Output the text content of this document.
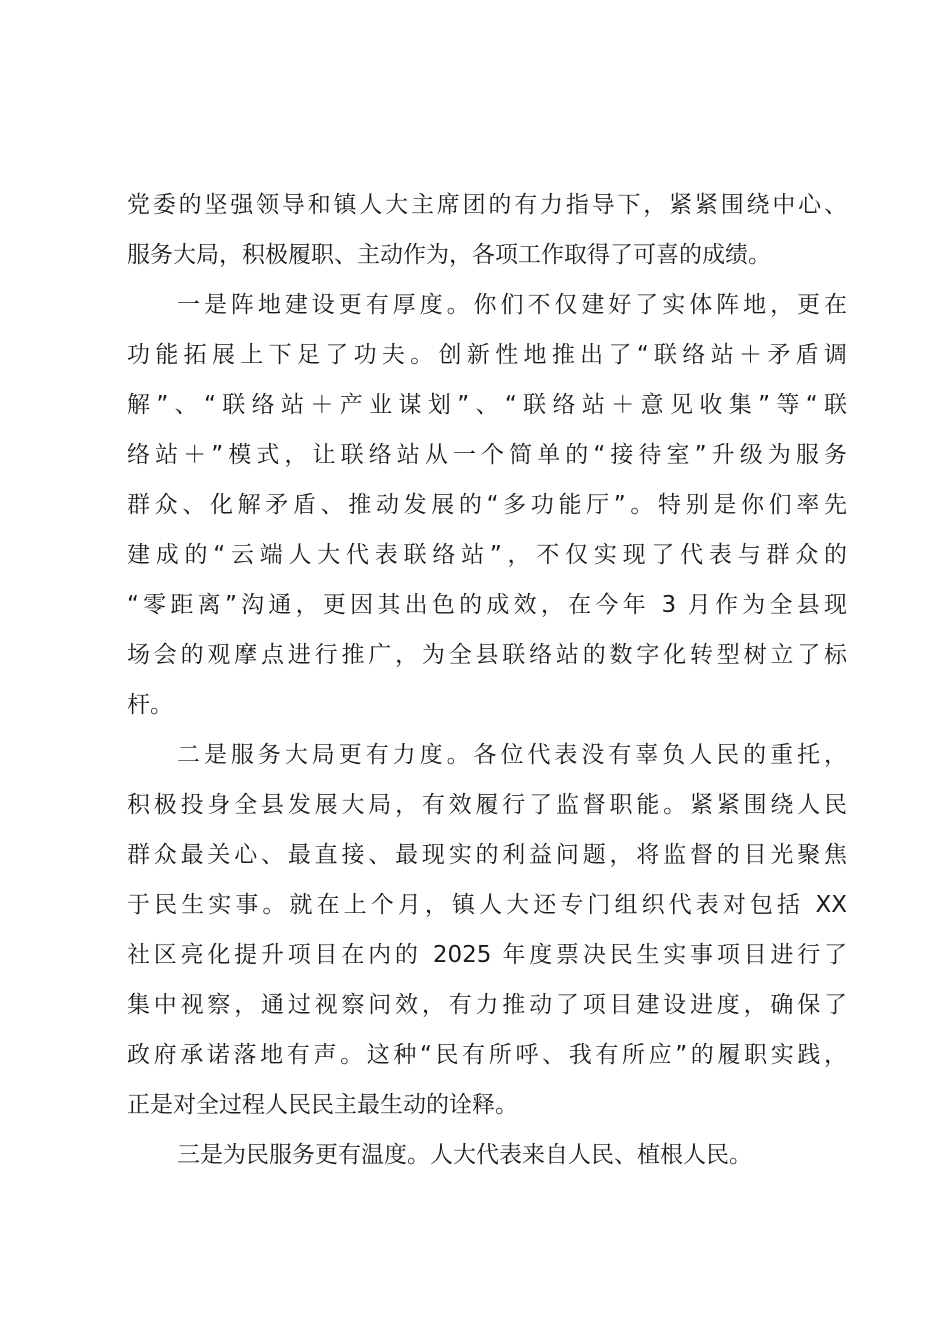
党委的坚强领导和镇人大主席团的有力指导下，紧紧围绕中心、
服务大局，积极履职、主动作为，各项工作取得了可喜的成绩。
一是阵地建设更有厚度。你们不仅建好了实体阵地，更在
功能拓展上下足了功夫。创新性地推出了“联络站＋矛盾调
解”、“联络站＋产业谋划”、“联络站＋意见收集”等“联
络站＋”模式，让联络站从一个简单的“接待室”升级为服务
群众、化解矛盾、推动发展的“多功能厅”。特别是你们率先
建成的“云端人大代表联络站”，不仅实现了代表与群众的
“零距离”沟通，更因其出色的成效，在今年 3 月作为全县现
场会的观摩点进行推广，为全县联络站的数字化转型树立了标
杆。
二是服务大局更有力度。各位代表没有辜负人民的重托，
积极投身全县发展大局，有效履行了监督职能。紧紧围绕人民
群众最关心、最直接、最现实的利益问题，将监督的目光聚焦
于民生实事。就在上个月，镇人大还专门组织代表对包括 XX
社区亮化提升项目在内的 2025 年度票决民生实事项目进行了
集中视察，通过视察问效，有力推动了项目建设进度，确保了
政府承诺落地有声。这种“民有所呼、我有所应”的履职实践，
正是对全过程人民民主最生动的诠释。
三是为民服务更有温度。人大代表来自人民、植根人民。
